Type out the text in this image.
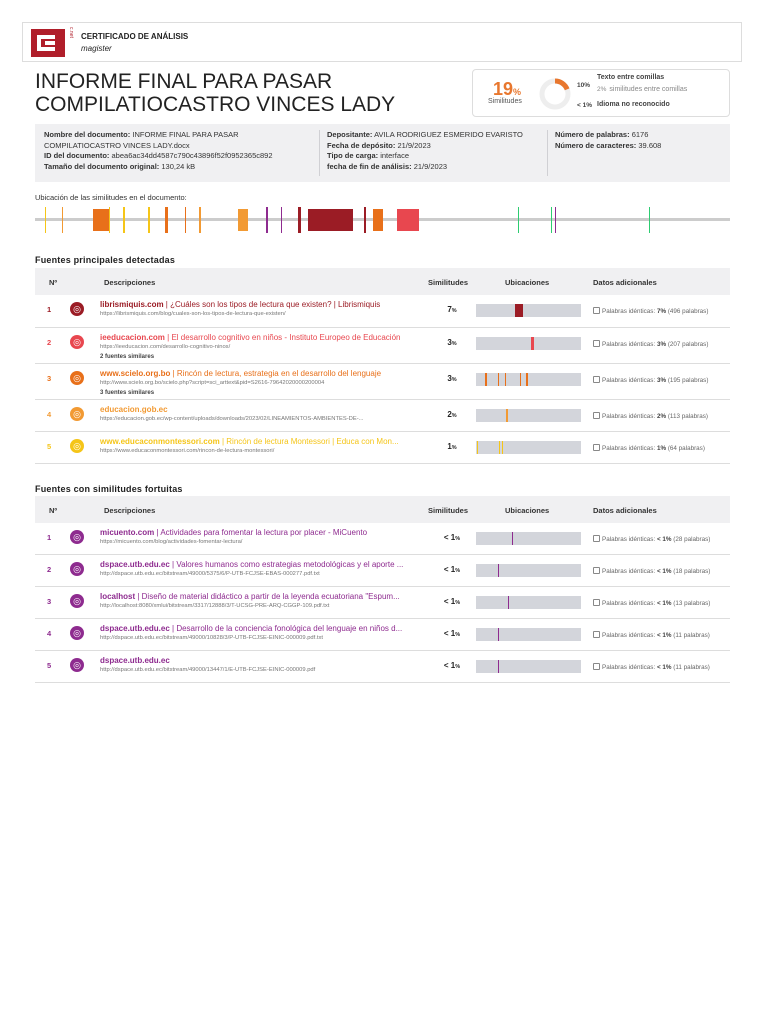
c.net CERTIFICADO DE ANÁLISIS
magister
INFORME FINAL PARA PASAR COMPILATIOCASTRO VINCES LADY
19%
Similitudes
10%
< 1%
Texto entre comillas
2% similitudes entre comillas
Idioma no reconocido
Nombre del documento: INFORME FINAL PARA PASAR COMPILATIOCASTRO VINCES LADY.docx
ID del documento: abea6ac34dd4587c790c43896f52f0952365c892
Tamaño del documento original: 130,24 kB
Depositante: AVILA RODRIGUEZ ESMERIDO EVARISTO
Fecha de depósito: 21/9/2023
Tipo de carga: interface
fecha de fin de análisis: 21/9/2023
Número de palabras: 6176
Número de caracteres: 39.608
Ubicación de las similitudes en el documento:
Fuentes principales detectadas
Nº	Descripciones	Similitudes	Ubicaciones	Datos adicionales
1	◎	librismiquis.com | ¿Cuáles son los tipos de lectura que existen? | Librismiquis
https://librismiquis.com/blog/cuales-son-los-tipos-de-lectura-que-existen/	7%	Palabras idénticas: 7% (496 palabras)
2	◎	ieeducacion.com | El desarrollo cognitivo en niños - Instituto Europeo de Educación
https://ieeducacion.com/desarrollo-cognitivo-ninos/
2 fuentes similares
3%	Palabras idénticas: 3% (207 palabras)
3	◎	www.scielo.org.bo | Rincón de lectura, estrategia en el desarrollo del lenguaje
http://www.scielo.org.bo/scielo.php?script=sci_arttext&pid=S2616-79642020000200004
3 fuentes similares
3%	Palabras idénticas: 3% (195 palabras)
4	◎	educacion.gob.ec
https://educacion.gob.ec/wp-content/uploads/downloads/2023/02/LINEAMIENTOS-AMBIENTES-DE-...	2%	Palabras idénticas: 2% (113 palabras)
5	◎	www.educaconmontessori.com | Rincón de lectura Montessori | Educa con Mon...
https://www.educaconmontessori.com/rincon-de-lectura-montessori/	1%	Palabras idénticas: 1% (64 palabras)
Fuentes con similitudes fortuitas
Nº	Descripciones	Similitudes	Ubicaciones	Datos adicionales
1	◎	micuento.com | Actividades para fomentar la lectura por placer - MiCuento
https://micuento.com/blog/actividades-fomentar-lectura/	< 1%	Palabras idénticas: < 1% (28 palabras)
2	◎	dspace.utb.edu.ec | Valores humanos como estrategias metodológicas y el aporte ...
http://dspace.utb.edu.ec/bitstream/49000/5375/6/P-UTB-FCJSE-EBAS-000277.pdf.txt	< 1%	Palabras idénticas: < 1% (18 palabras)
3	◎	localhost | Diseño de material didáctico a partir de la leyenda ecuatoriana "Espum...
http://localhost:8080/xmlui/bitstream/3317/12888/3/T-UCSG-PRE-ARQ-CGGP-109.pdf.txt	< 1%	Palabras idénticas: < 1% (13 palabras)
4	◎	dspace.utb.edu.ec | Desarrollo de la conciencia fonológica del lenguaje en niños d...
http://dspace.utb.edu.ec/bitstream/49000/10828/3/P-UTB-FCJSE-EINIC-000009.pdf.txt	< 1%	Palabras idénticas: < 1% (11 palabras)
5	◎	dspace.utb.edu.ec
http://dspace.utb.edu.ec/bitstream/49000/13447/1/E-UTB-FCJSE-EINIC-000009.pdf	< 1%	Palabras idénticas: < 1% (11 palabras)
